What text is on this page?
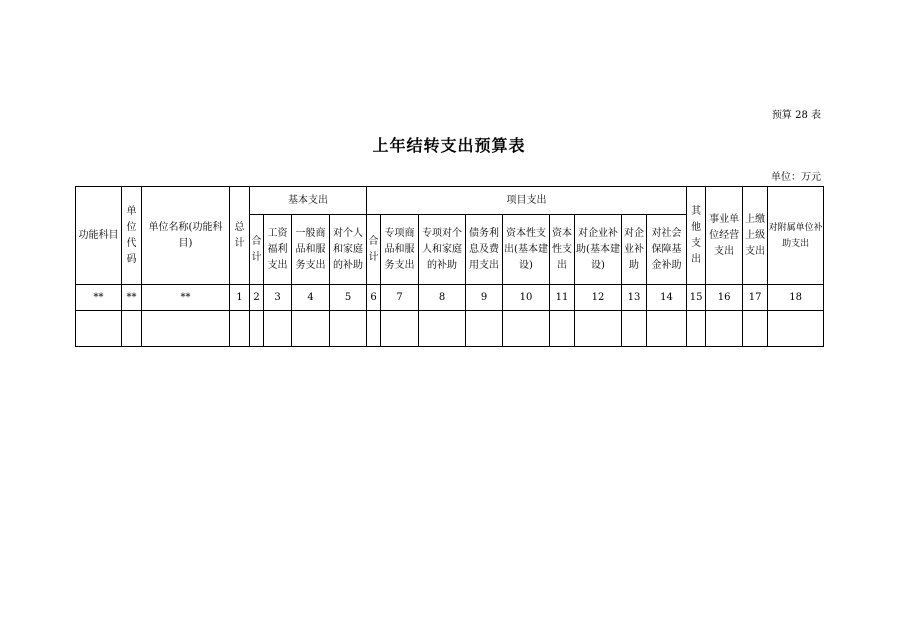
预算 28 表
上年结转支出预算表
单位：万元
功能科目	单位代码	单位名称(功能科目)	总计	基本支出				项目支出									其他支出	事业单位经营支出	上缴上级支出	对附属单位补助支出
				合计	工资福利支出	一般商品和服务支出	对个人和家庭的补助	合计	专项商品和服务支出	专项对个人和家庭的补助	债务利息及费用支出	资本性支出(基本建设)	资本性支出	对企业补助(基本建设)	对企业补助	对社会保障基金补助				
**	**	**	1	2	3	4	5	6	7	8	9	10	11	12	13	14	15	16	17	18
